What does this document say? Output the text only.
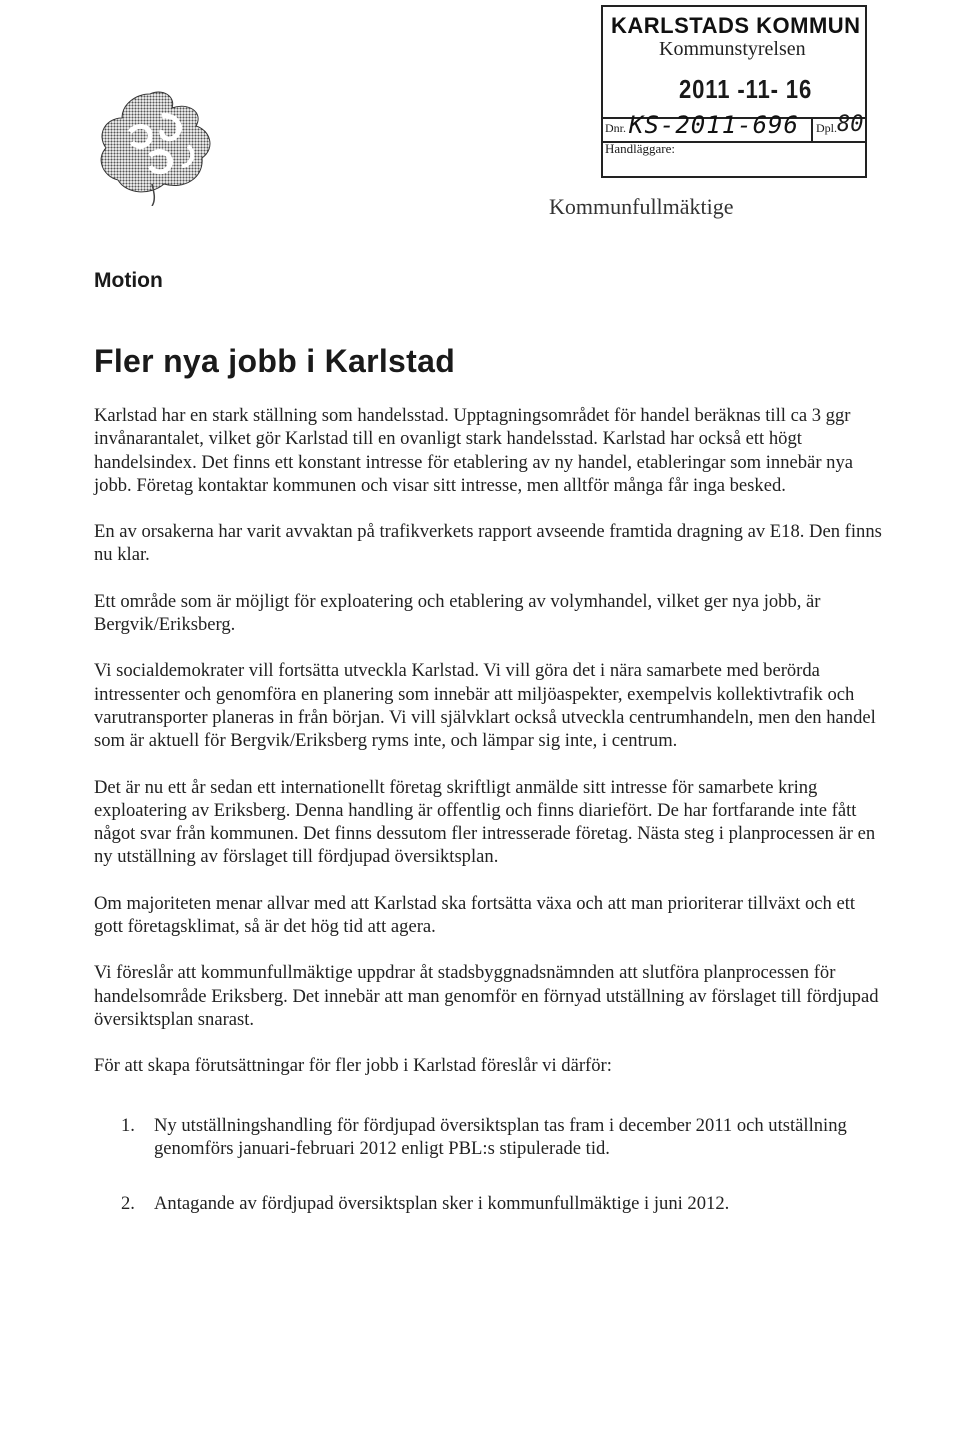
KARLSTADS KOMMUN
Kommunstyrelsen
2011 -11- 16
Dnr. KS-2011-696 Dpl. 80
Handläggare:
Kommunfullmäktige
Motion
Fler nya jobb i Karlstad

Karlstad har en stark ställning som handelsstad. Upptagningsområdet för handel beräknas till ca 3 ggr invånarantalet, vilket gör Karlstad till en ovanligt stark handelsstad. Karlstad har också ett högt handelsindex. Det finns ett konstant intresse för etablering av ny handel, etableringar som innebär nya jobb. Företag kontaktar kommunen och visar sitt intresse, men alltför många får inga besked.

En av orsakerna har varit avvaktan på trafikverkets rapport avseende framtida dragning av E18. Den finns nu klar.

Ett område som är möjligt för exploatering och etablering av volymhandel, vilket ger nya jobb, är Bergvik/Eriksberg.

Vi socialdemokrater vill fortsätta utveckla Karlstad. Vi vill göra det i nära samarbete med berörda intressenter och genomföra en planering som innebär att miljöaspekter, exempelvis kollektivtrafik och varutransporter planeras in från början. Vi vill självklart också utveckla centrumhandeln, men den handel som är aktuell för Bergvik/Eriksberg ryms inte, och lämpar sig inte, i centrum.

Det är nu ett år sedan ett internationellt företag skriftligt anmälde sitt intresse för samarbete kring exploatering av Eriksberg. Denna handling är offentlig och finns diariefört. De har fortfarande inte fått något svar från kommunen. Det finns dessutom fler intresserade företag. Nästa steg i planprocessen är en ny utställning av förslaget till fördjupad översiktsplan.

Om majoriteten menar allvar med att Karlstad ska fortsätta växa och att man prioriterar tillväxt och ett gott företagsklimat, så är det hög tid att agera.

Vi föreslår att kommunfullmäktige uppdrar åt stadsbyggnadsnämnden att slutföra planprocessen för handelsområde Eriksberg. Det innebär att man genomför en förnyad utställning av förslaget till fördjupad översiktsplan snarast.

För att skapa förutsättningar för fler jobb i Karlstad föreslår vi därför:

1. Ny utställningshandling för fördjupad översiktsplan tas fram i december 2011 och utställning genomförs januari-februari 2012 enligt PBL:s stipulerade tid.
2. Antagande av fördjupad översiktsplan sker i kommunfullmäktige i juni 2012.
